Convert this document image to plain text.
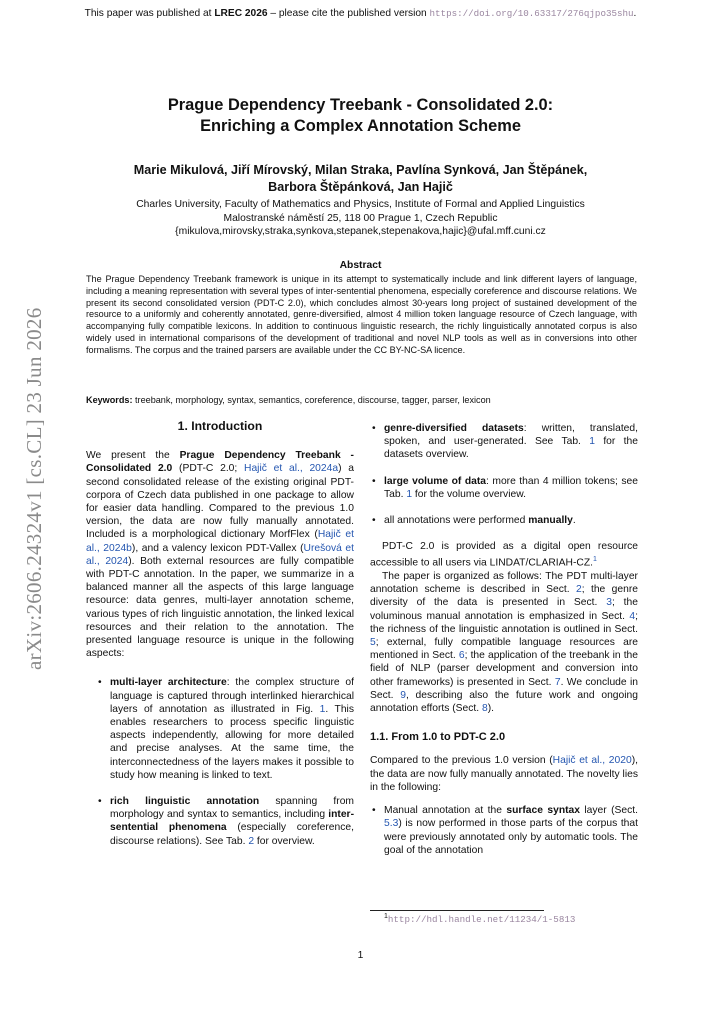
This paper was published at LREC 2026 – please cite the published version https://doi.org/10.63317/276qjpo35shu.
arXiv:2606.24324v1 [cs.CL] 23 Jun 2026
Prague Dependency Treebank - Consolidated 2.0:
Enriching a Complex Annotation Scheme
Marie Mikulová, Jiří Mírovský, Milan Straka, Pavlína Synková, Jan Štěpánek,
Barbora Štěpánková, Jan Hajič
Charles University, Faculty of Mathematics and Physics, Institute of Formal and Applied Linguistics
Malostranské náměstí 25, 118 00 Prague 1, Czech Republic
{mikulova,mirovsky,straka,synkova,stepanek,stepenakova,hajic}@ufal.mff.cuni.cz
Abstract
The Prague Dependency Treebank framework is unique in its attempt to systematically include and link different layers of language, including a meaning representation with several types of inter-sentential phenomena, especially coreference and discourse relations. We present its second consolidated version (PDT-C 2.0), which concludes almost 30-years long project of sustained development of the resource to a uniformly and coherently annotated, genre-diversified, almost 4 million token language resource of Czech language, with accompanying fully compatible lexicons. In addition to continuous linguistic research, the richly linguistically annotated corpus is also widely used in international comparisons of the development of traditional and novel NLP tools as well as in conversions into other formalisms. The corpus and the trained parsers are available under the CC BY-NC-SA licence.
Keywords: treebank, morphology, syntax, semantics, coreference, discourse, tagger, parser, lexicon
1. Introduction

We present the Prague Dependency Treebank - Consolidated 2.0 (PDT-C 2.0; Hajič et al., 2024a) a second consolidated release of the existing original PDT-corpora of Czech data published in one package to allow for easier data handling. Compared to the previous 1.0 version, the data are now fully manually annotated. Included is a morphological dictionary MorfFlex (Hajič et al., 2024b), and a valency lexicon PDT-Vallex (Urešová et al., 2024). Both external resources are fully compatible with PDT-C annotation. In the paper, we summarize in a balanced manner all the aspects of this large language resource: data genres, multi-layer annotation scheme, various types of rich linguistic annotation, the linked lexical resources and their relation to the annotation. The presented language resource is unique in the following aspects:

• multi-layer architecture: the complex structure of language is captured through interlinked hierarchical layers of annotation as illustrated in Fig. 1. This enables researchers to process specific linguistic aspects independently, allowing for more detailed and precise analyses. At the same time, the interconnectedness of the layers makes it possible to study how meaning is linked to text.
• rich linguistic annotation spanning from morphology and syntax to semantics, including inter-sentential phenomena (especially coreference, discourse relations). See Tab. 2 for overview.
• genre-diversified datasets: written, translated, spoken, and user-generated. See Tab. 1 for the datasets overview.
• large volume of data: more than 4 million tokens; see Tab. 1 for the volume overview.
• all annotations were performed manually.

PDT-C 2.0 is provided as a digital open resource accessible to all users via LINDAT/CLARIAH-CZ.$^1$

The paper is organized as follows: The PDT multi-layer annotation scheme is described in Sect. 2; the genre diversity of the data is presented in Sect. 3; the voluminous manual annotation is emphasized in Sect. 4; the richness of the linguistic annotation is outlined in Sect. 5; external, fully compatible language resources are mentioned in Sect. 6; the application of the treebank in the field of NLP (parser development and conversion into other frameworks) is presented in Sect. 7. We conclude in Sect. 9, describing also the future work and ongoing annotation efforts (Sect. 8).

1.1. From 1.0 to PDT-C 2.0

Compared to the previous 1.0 version (Hajič et al., 2020), the data are now fully manually annotated. The novelty lies in the following:

• Manual annotation at the surface syntax layer (Sect. 5.3) is now performed in those parts of the corpus that were previously annotated only by automatic tools. The goal of the annotation
$^1$http://hdl.handle.net/11234/1-5813
1
